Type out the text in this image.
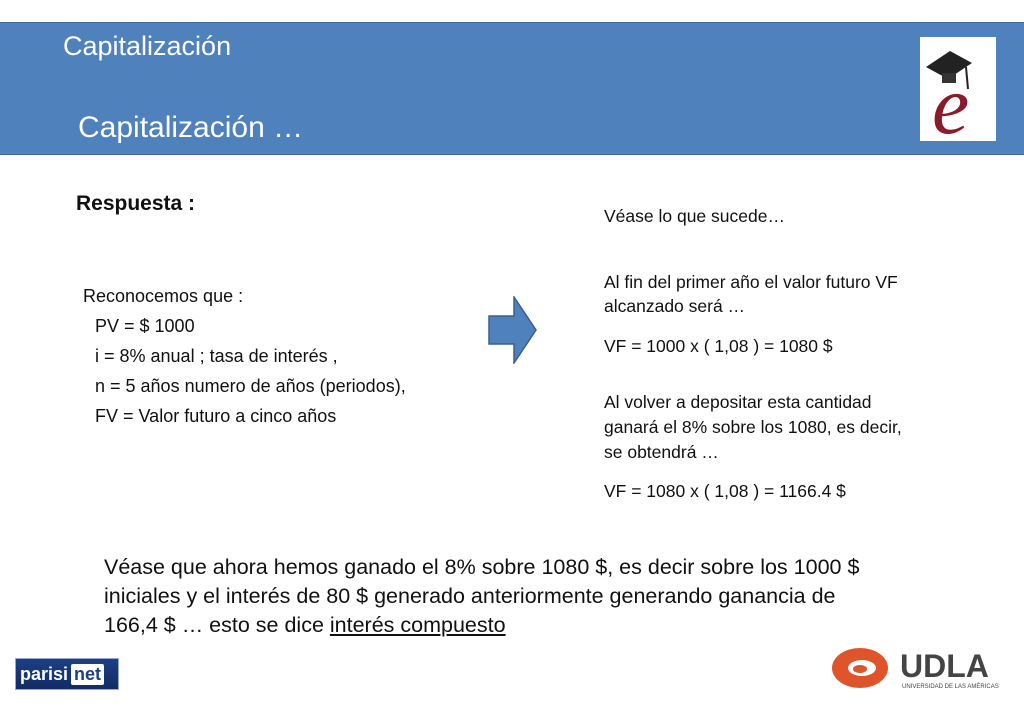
Capitalización
Capitalización …	e
Respuesta :
Reconocemos que :
PV = $ 1000
i = 8% anual ; tasa de interés ,
n = 5 años numero de años (periodos),
FV = Valor futuro a cinco años
Véase lo que sucede…
Al fin del primer año el valor futuro VF
alcanzado será …
VF = 1000 x ( 1,08 ) = 1080 $
Al volver a depositar esta cantidad
ganará el 8% sobre los 1080, es decir,
se obtendrá …
VF = 1080 x ( 1,08 ) = 1166.4 $
Véase que ahora hemos ganado el 8% sobre 1080 $, es decir sobre los 1000 $
iniciales y el interés de 80 $ generado anteriormente generando ganancia de
166,4 $ … esto se dice interés compuesto
parisi net	UDLA
UNIVERSIDAD DE LAS AMÉRICAS
